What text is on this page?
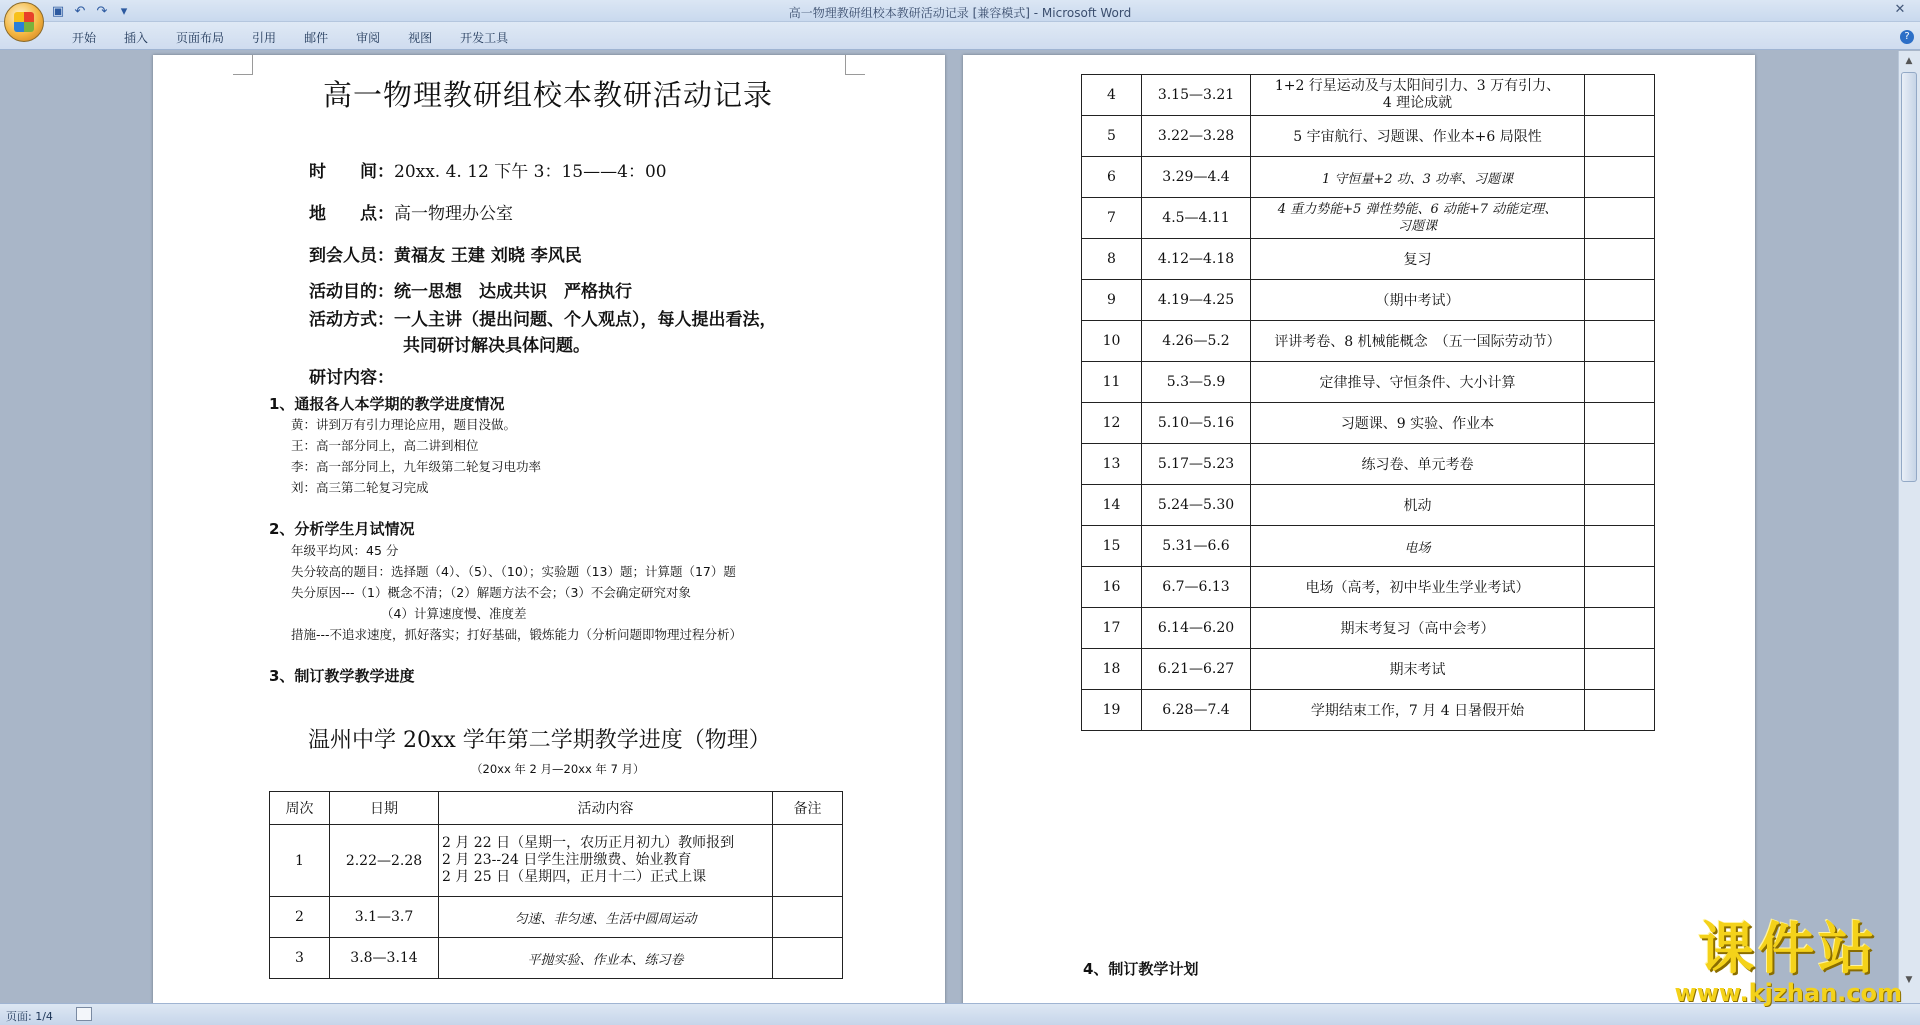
▣ ↶ ↷	▾	高一物理教研组校本教研活动记录 [兼容模式] - Microsoft Word	✕
开始	插入	页面布局	引用	邮件	审阅	视图	开发工具	?
高一物理教研组校本教研活动记录
时　　间：20xx. 4. 12 下午 3：15——4：00
地　　点：高一物理办公室
到会人员：黄福友 王建 刘晓 李风民
活动目的：统一思想　达成共识　严格执行
活动方式：一人主讲（提出问题、个人观点），每人提出看法，
共同研讨解决具体问题。
研讨内容：
1、通报各人本学期的教学进度情况
黄：讲到万有引力理论应用，题目没做。
王：高一部分同上，高二讲到相位
李：高一部分同上，九年级第二轮复习电功率
刘：高三第二轮复习完成
2、分析学生月试情况
年级平均风：45 分
失分较高的题目：选择题（4）、（5）、（10）；实验题（13）题；计算题（17）题
失分原因---（1）概念不清；（2）解题方法不会；（3）不会确定研究对象
（4）计算速度慢、准度差
措施---不追求速度，抓好落实；打好基础，锻炼能力（分析问题即物理过程分析）
3、制订教学教学进度
温州中学 20xx 学年第二学期教学进度（物理）
（20xx 年 2 月—20xx 年 7 月）
周次	日期	活动内容	备注
1	2.22—2.28	2 月 22 日（星期一，农历正月初九）教师报到
2 月 23--24 日学生注册缴费、始业教育
2 月 25 日（星期四，正月十二）正式上课	

2	3.1—3.7	匀速、非匀速、生活中圆周运动	

3	3.8—3.14	平抛实验、作业本、练习卷	

4	3.15—3.21	1+2 行星运动及与太阳间引力、3 万有引力、
4 理论成就	

5	3.22—3.28	5 宇宙航行、习题课、作业本+6 局限性	

6	3.29—4.4	1 守恒量+2 功、3 功率、习题课	

7	4.5—4.11	4 重力势能+5 弹性势能、6 动能+7 动能定理、
习题课	

8	4.12—4.18	复习	

9	4.19—4.25	（期中考试）	

10	4.26—5.2	评讲考卷、8 机械能概念　（五一国际劳动节）	

11	5.3—5.9	定律推导、守恒条件、大小计算	

12	5.10—5.16	习题课、9 实验、作业本	

13	5.17—5.23	练习卷、单元考卷	

14	5.24—5.30	机动	

15	5.31—6.6	电场	

16	6.7—6.13	电场（高考，初中毕业生学业考试）	

17	6.14—6.20	期末考复习（高中会考）	

18	6.21—6.27	期末考试	

19	6.28—7.4	学期结束工作，7 月 4 日暑假开始	

4、制订教学计划
▲
▼
页面: 1/4
课件站
www.kjzhan.com
